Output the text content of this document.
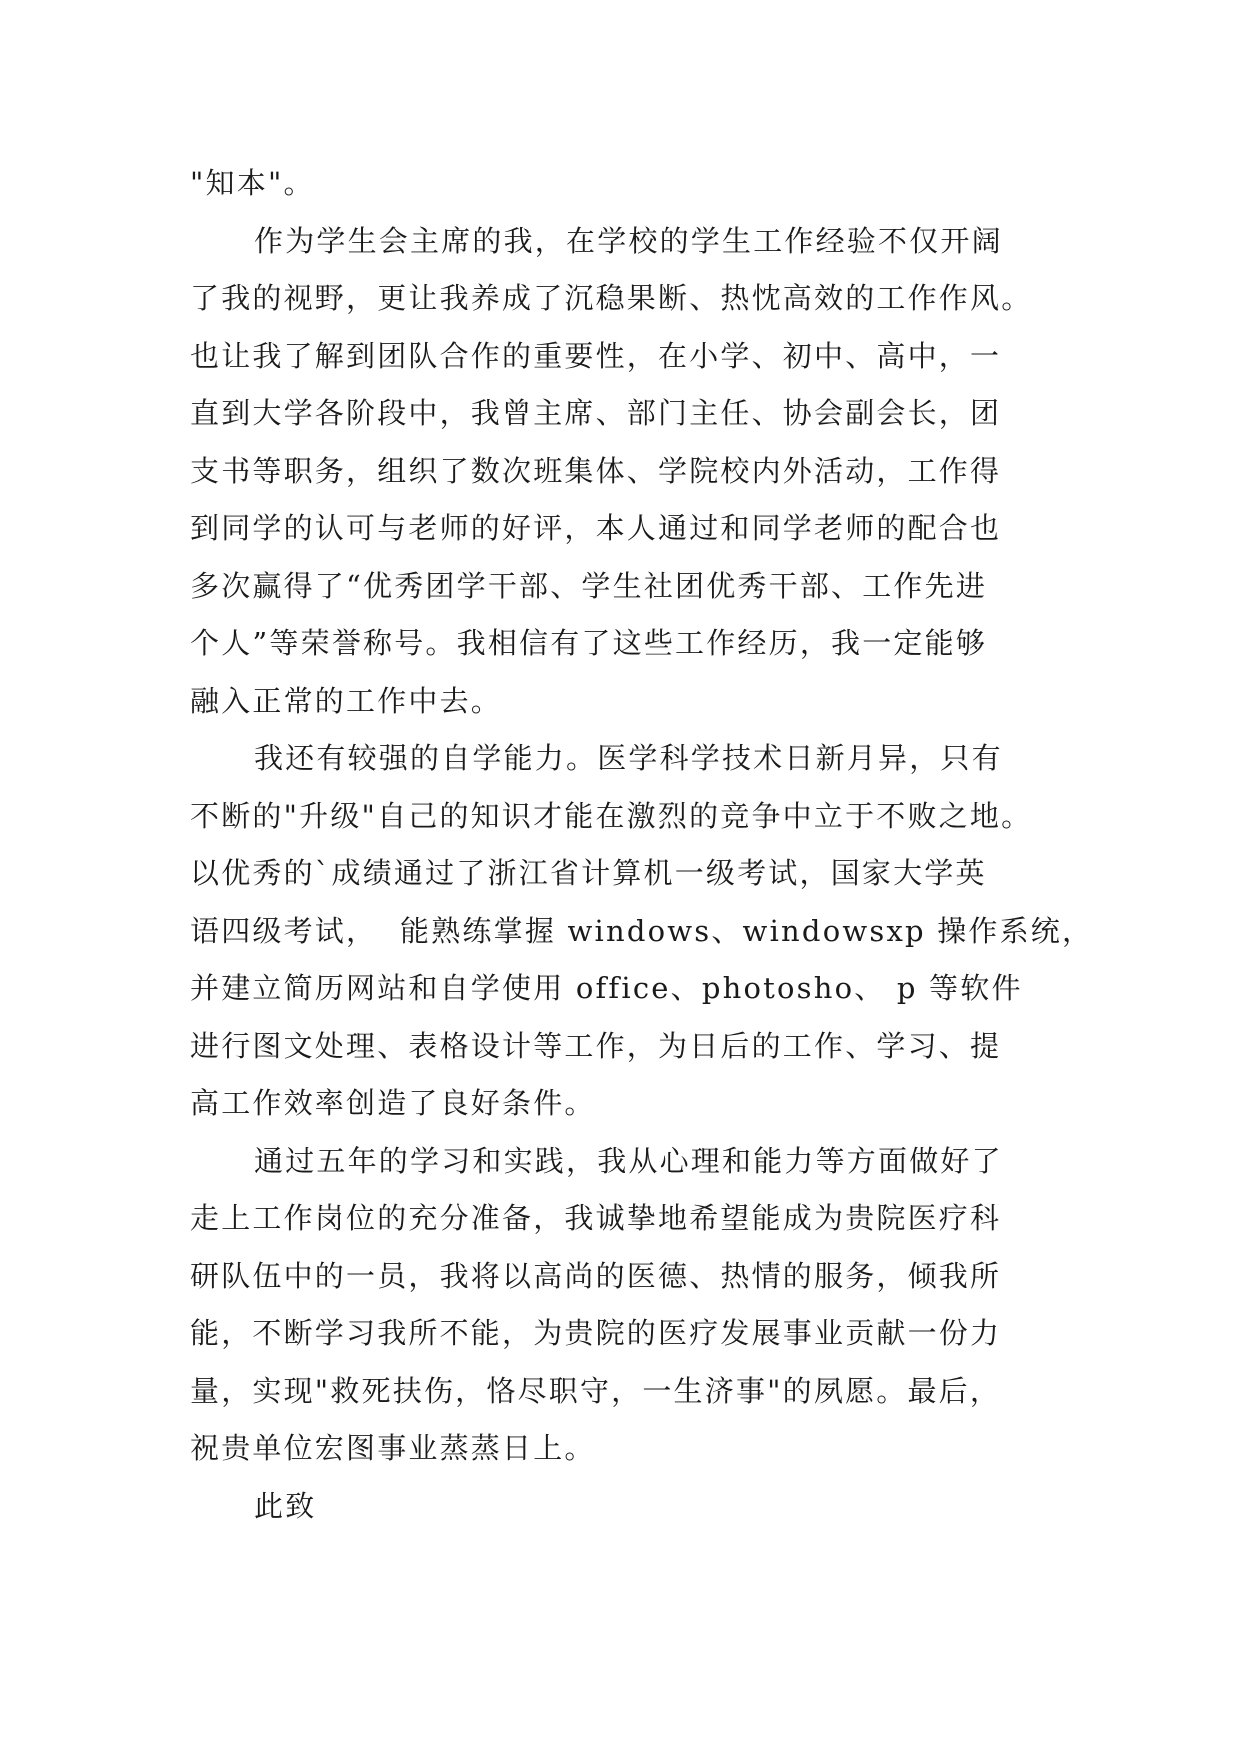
"知本"。
作为学生会主席的我，在学校的学生工作经验不仅开阔
了我的视野，更让我养成了沉稳果断、热忱高效的工作作风。
也让我了解到团队合作的重要性，在小学、初中、高中，一
直到大学各阶段中，我曾主席、部门主任、协会副会长，团
支书等职务，组织了数次班集体、学院校内外活动，工作得
到同学的认可与老师的好评，本人通过和同学老师的配合也
多次赢得了“优秀团学干部、学生社团优秀干部、工作先进
个人”等荣誉称号。我相信有了这些工作经历，我一定能够
融入正常的工作中去。
我还有较强的自学能力。医学科学技术日新月异，只有
不断的"升级"自己的知识才能在激烈的竞争中立于不败之地。
以优秀的`成绩通过了浙江省计算机一级考试，国家大学英
语四级考试，  能熟练掌握 windows、windowsxp 操作系统，
并建立简历网站和自学使用 office、photosho、 p 等软件
进行图文处理、表格设计等工作，为日后的工作、学习、提
高工作效率创造了良好条件。
通过五年的学习和实践，我从心理和能力等方面做好了
走上工作岗位的充分准备，我诚挚地希望能成为贵院医疗科
研队伍中的一员，我将以高尚的医德、热情的服务，倾我所
能，不断学习我所不能，为贵院的医疗发展事业贡献一份力
量，实现"救死扶伤，恪尽职守，一生济事"的夙愿。最后，
祝贵单位宏图事业蒸蒸日上。
此致
